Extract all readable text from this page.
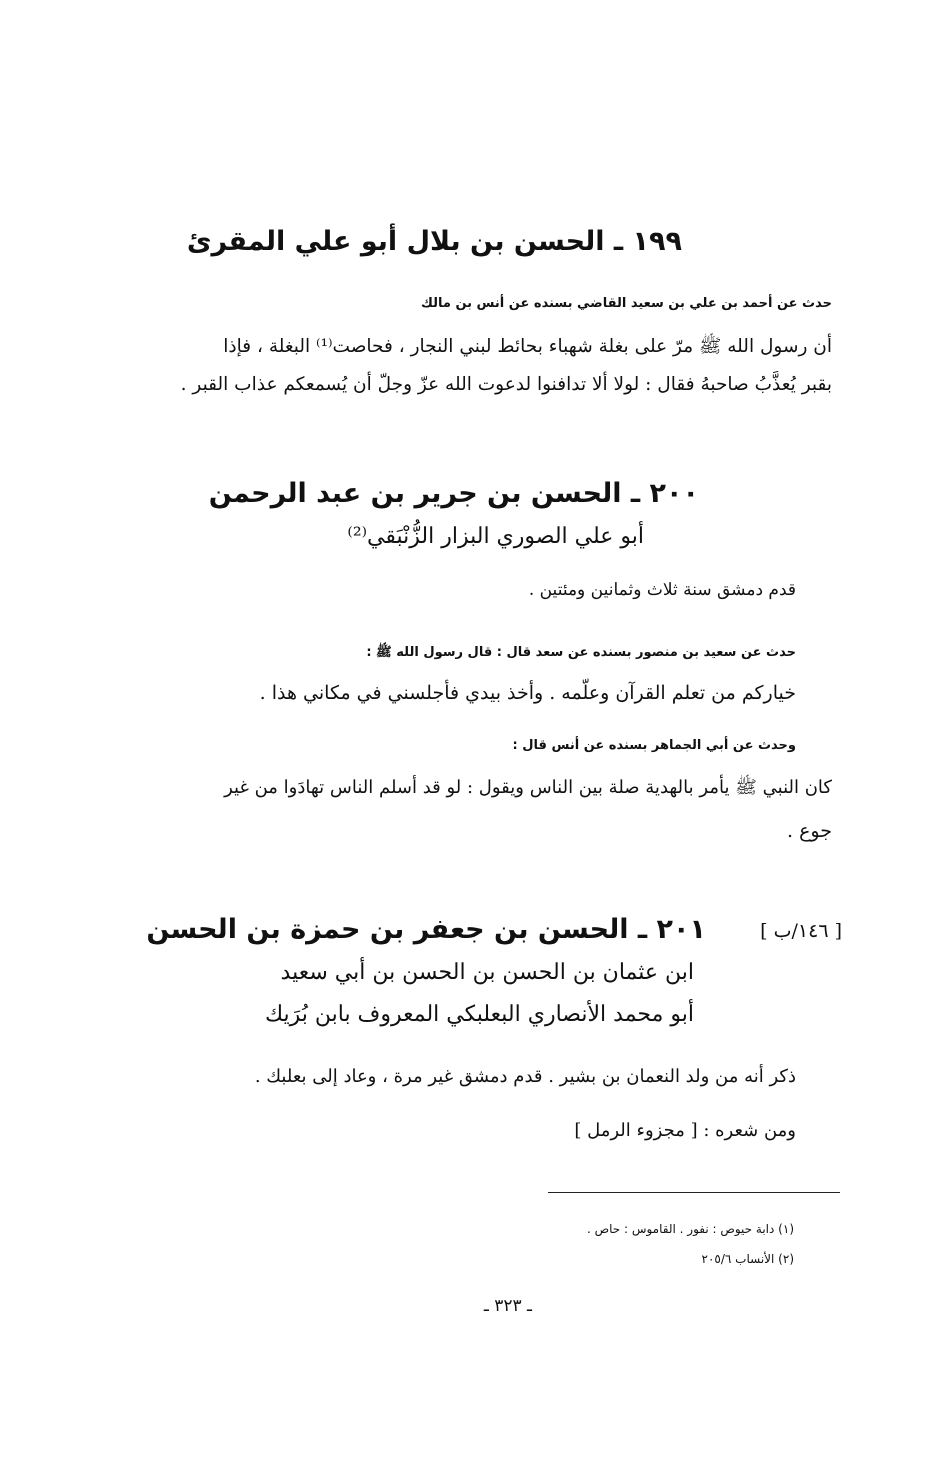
١٩٩ ـ الحسن بن بلال أبو علي المقرئ
حدث عن أحمد بن علي بن سعيد القاضي بسنده عن أنس بن مالك
أن رسول الله ﷺ مرّ على بغلة شهباء بحائط لبني النجار ، فحاصت⁽¹⁾ البغلة ، فإذا
بقبر يُعذَّبُ صاحبهُ فقال : لولا ألا تدافنوا لدعوت الله عزّ وجلّ أن يُسمعكم عذاب القبر .
٢٠٠ ـ الحسن بن جرير بن عبد الرحمن
أبو علي الصوري البزار الزُّنْبَقي⁽²⁾
قدم دمشق سنة ثلاث وثمانين ومئتين .
حدث عن سعيد بن منصور بسنده عن سعد قال : قال رسول الله ﷺ :
خياركم من تعلم القرآن وعلّمه . وأخذ بيدي فأجلسني في مكاني هذا .
وحدث عن أبي الجماهر بسنده عن أنس قال :
كان النبي ﷺ يأمر بالهدية صلة بين الناس ويقول : لو قد أسلم الناس تهادَوا من غير
جوع .
[ ١٤٦/ب ]
٢٠١ ـ الحسن بن جعفر بن حمزة بن الحسن
ابن عثمان بن الحسن بن الحسن بن أبي سعيد
أبو محمد الأنصاري البعلبكي المعروف بابن بُرَيك
ذكر أنه من ولد النعمان بن بشير . قدم دمشق غير مرة ، وعاد إلى بعلبك .
ومن شعره : [ مجزوء الرمل ]
(١) دابة حيوص : نفور . القاموس : حاص .
(٢) الأنساب ٢٠٥/٦
ـ ٣٢٣ ـ
